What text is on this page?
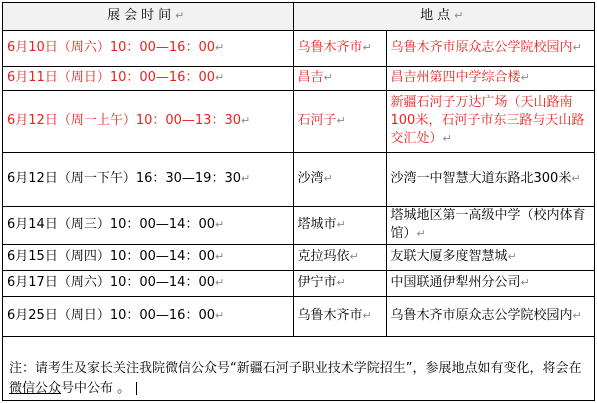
展会时间↵	地点↵	
6月10日（周六）10：00—16：00↵	乌鲁木齐市↵	乌鲁木齐市原众志公学院校园内↵
6月11日（周日）10：00—16：00↵	昌吉↵	昌吉州第四中学综合楼↵
6月12日（周一上午）10：00—13：30↵	石河子↵	新疆石河子万达广场（天山路南100米，石河子市东三路与天山路交汇处）↵
6月12日（周一下午）16：30—19：30↵	沙湾↵	沙湾一中智慧大道东路北300米↵
6月14日（周三）10：00—14：00↵	塔城市↵	塔城地区第一高级中学（校内体育馆）↵
6月15日（周四）10：00—14：00↵	克拉玛依↵	友联大厦多度智慧城↵
6月17日（周六）10：00—14：00↵	伊宁市↵	中国联通伊犁州分公司↵
6月25日（周日）10：00—16：00↵	乌鲁木齐市↵	乌鲁木齐市原众志公学院校园内↵
注：请考生及家长关注我院微信公众号“新疆石河子职业技术学院招生”，参展地点如有变化，将会在微信公众号中公布 。
